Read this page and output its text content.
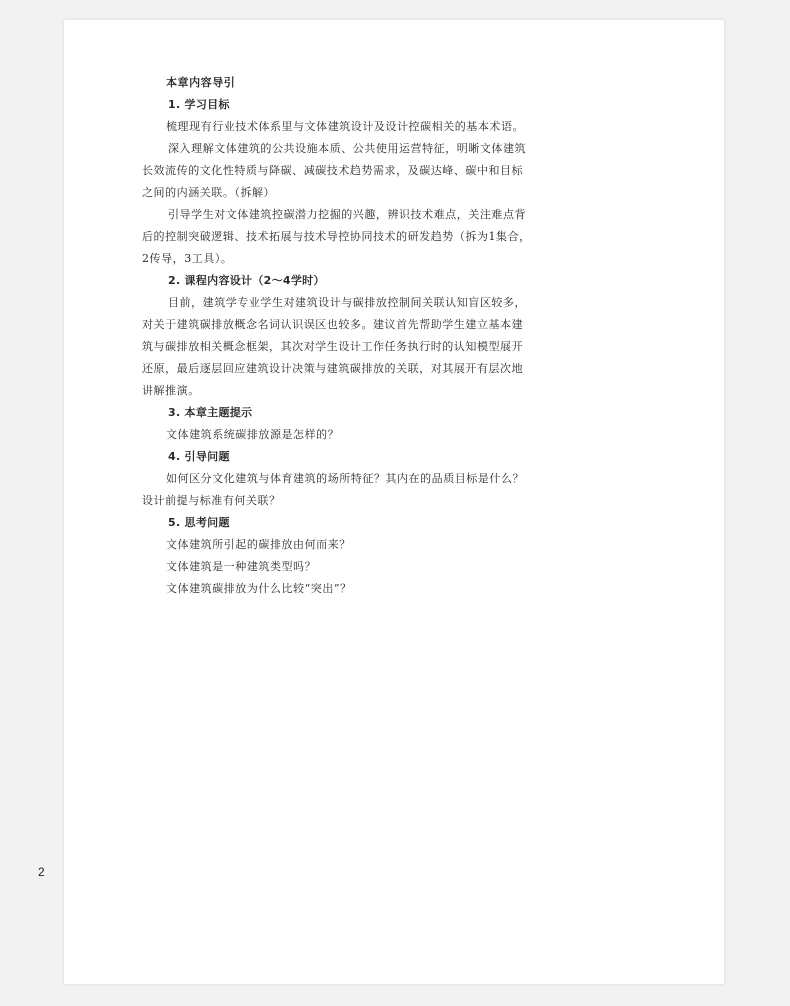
本章内容导引
1. 学习目标
梳理现有行业技术体系里与文体建筑设计及设计控碳相关的基本术语。
深入理解文体建筑的公共设施本质、公共使用运营特征，明晰文体建筑
长效流传的文化性特质与降碳、减碳技术趋势需求，及碳达峰、碳中和目标
之间的内涵关联。（拆解）
引导学生对文体建筑控碳潜力挖掘的兴趣，辨识技术难点，关注难点背
后的控制突破逻辑、技术拓展与技术导控协同技术的研发趋势（拆为1集合，
2传导，3工具）。
2. 课程内容设计（2～4学时）
目前，建筑学专业学生对建筑设计与碳排放控制间关联认知盲区较多，
对关于建筑碳排放概念名词认识误区也较多。建议首先帮助学生建立基本建
筑与碳排放相关概念框架，其次对学生设计工作任务执行时的认知模型展开
还原，最后逐层回应建筑设计决策与建筑碳排放的关联，对其展开有层次地
讲解推演。
3. 本章主题提示
文体建筑系统碳排放源是怎样的？
4. 引导问题
如何区分文化建筑与体育建筑的场所特征？其内在的品质目标是什么？
设计前提与标准有何关联？
5. 思考问题
文体建筑所引起的碳排放由何而来？
文体建筑是一种建筑类型吗？
文体建筑碳排放为什么比较“突出”？
2
